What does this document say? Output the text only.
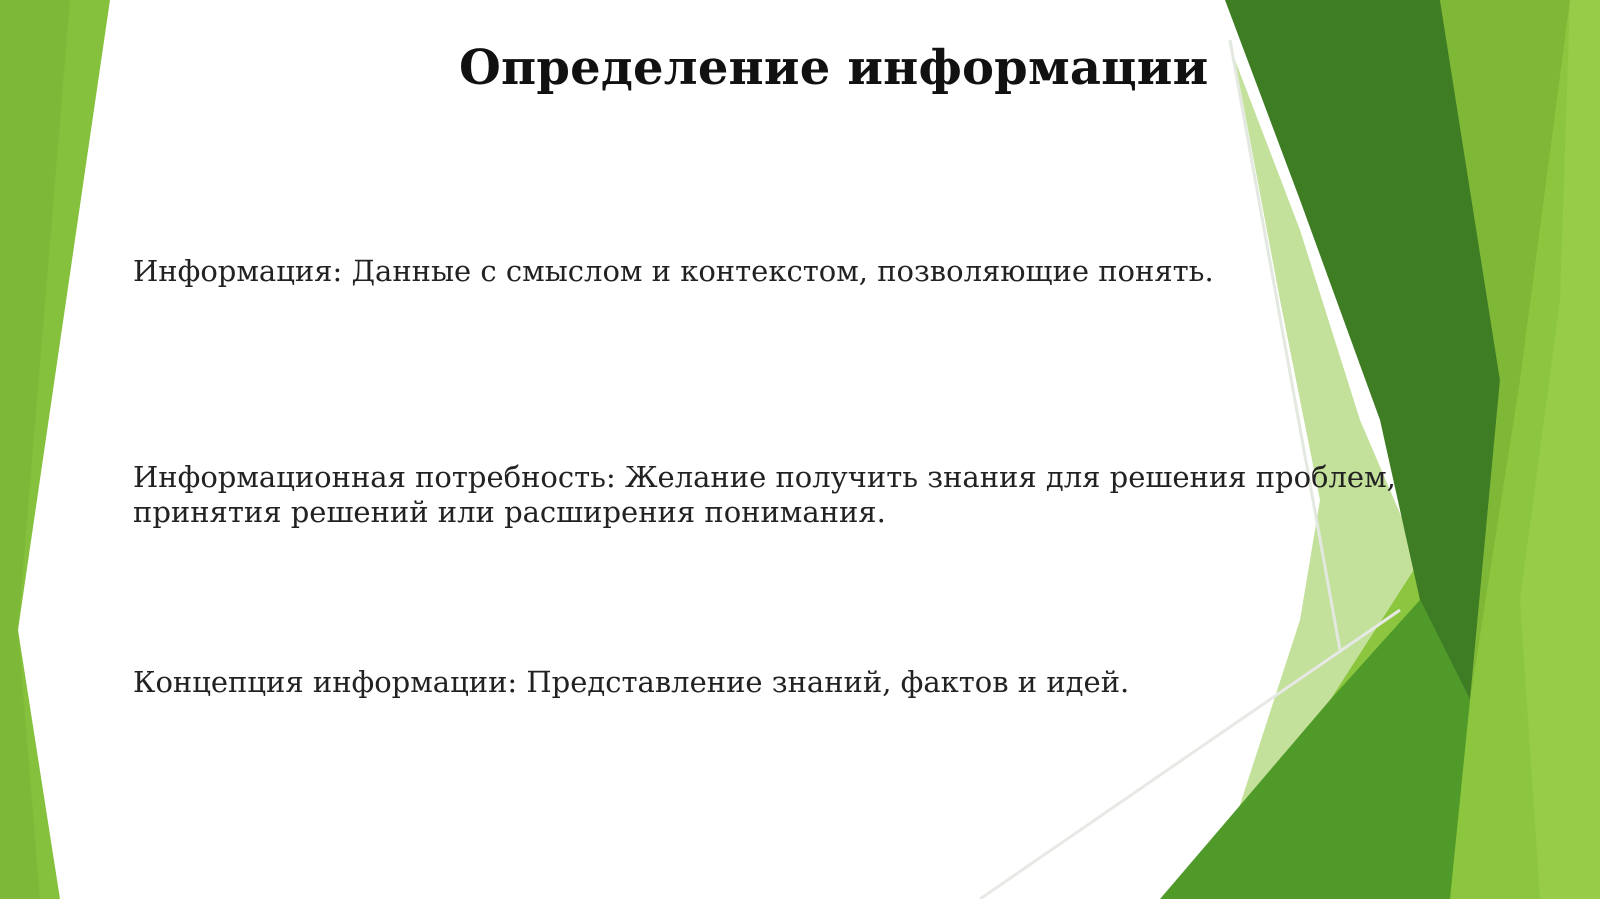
Определение информации

Информация: Данные с смыслом и контекстом, позволяющие понять.

Информационная потребность: Желание получить знания для решения проблем, принятия решений или расширения понимания.

Концепция информации: Представление знаний, фактов и идей.
